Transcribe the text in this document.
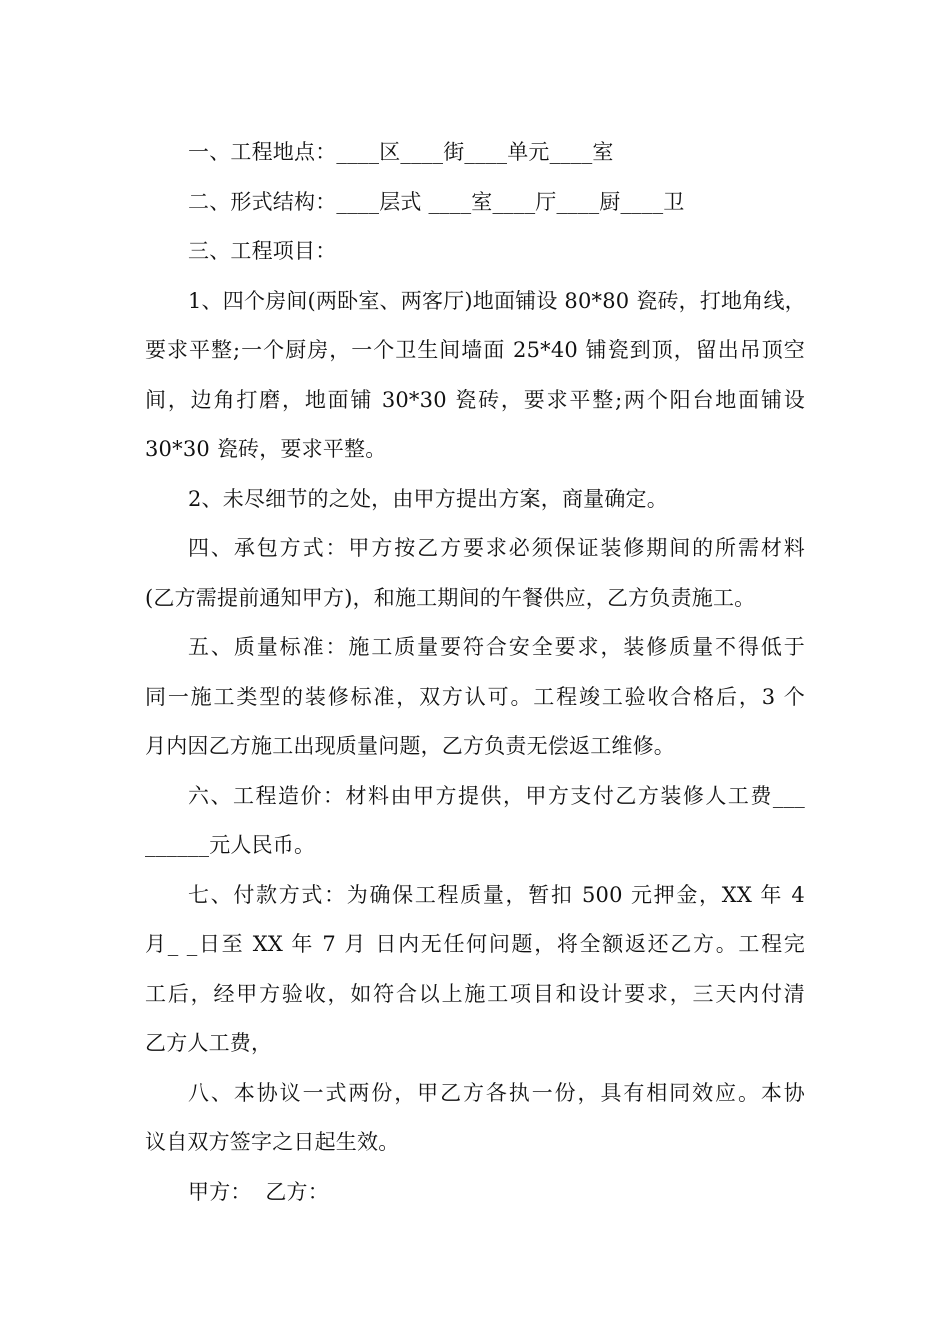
一、工程地点：____区____街____单元____室
二、形式结构：____层式 ____室____厅____厨____卫
三、工程项目：
1、四个房间(两卧室、两客厅)地面铺设 80*80 瓷砖，打地角线，
要求平整;一个厨房，一个卫生间墙面 25*40 铺瓷到顶，留出吊顶空
间，边角打磨，地面铺 30*30 瓷砖，要求平整;两个阳台地面铺设
30*30 瓷砖，要求平整。
2、未尽细节的之处，由甲方提出方案，商量确定。
四、承包方式：甲方按乙方要求必须保证装修期间的所需材料
(乙方需提前通知甲方)，和施工期间的午餐供应，乙方负责施工。
五、质量标准：施工质量要符合安全要求，装修质量不得低于
同一施工类型的装修标准，双方认可。工程竣工验收合格后，3 个
月内因乙方施工出现质量问题，乙方负责无偿返工维修。
六、工程造价：材料由甲方提供，甲方支付乙方装修人工费___
______元人民币。
七、付款方式：为确保工程质量，暂扣 500 元押金，XX 年 4
月_ _日至 XX 年 7 月 日内无任何问题，将全额返还乙方。工程完
工后，经甲方验收，如符合以上施工项目和设计要求，三天内付清
乙方人工费，
八、本协议一式两份，甲乙方各执一份，具有相同效应。本协
议自双方签字之日起生效。
甲方：  乙方：
